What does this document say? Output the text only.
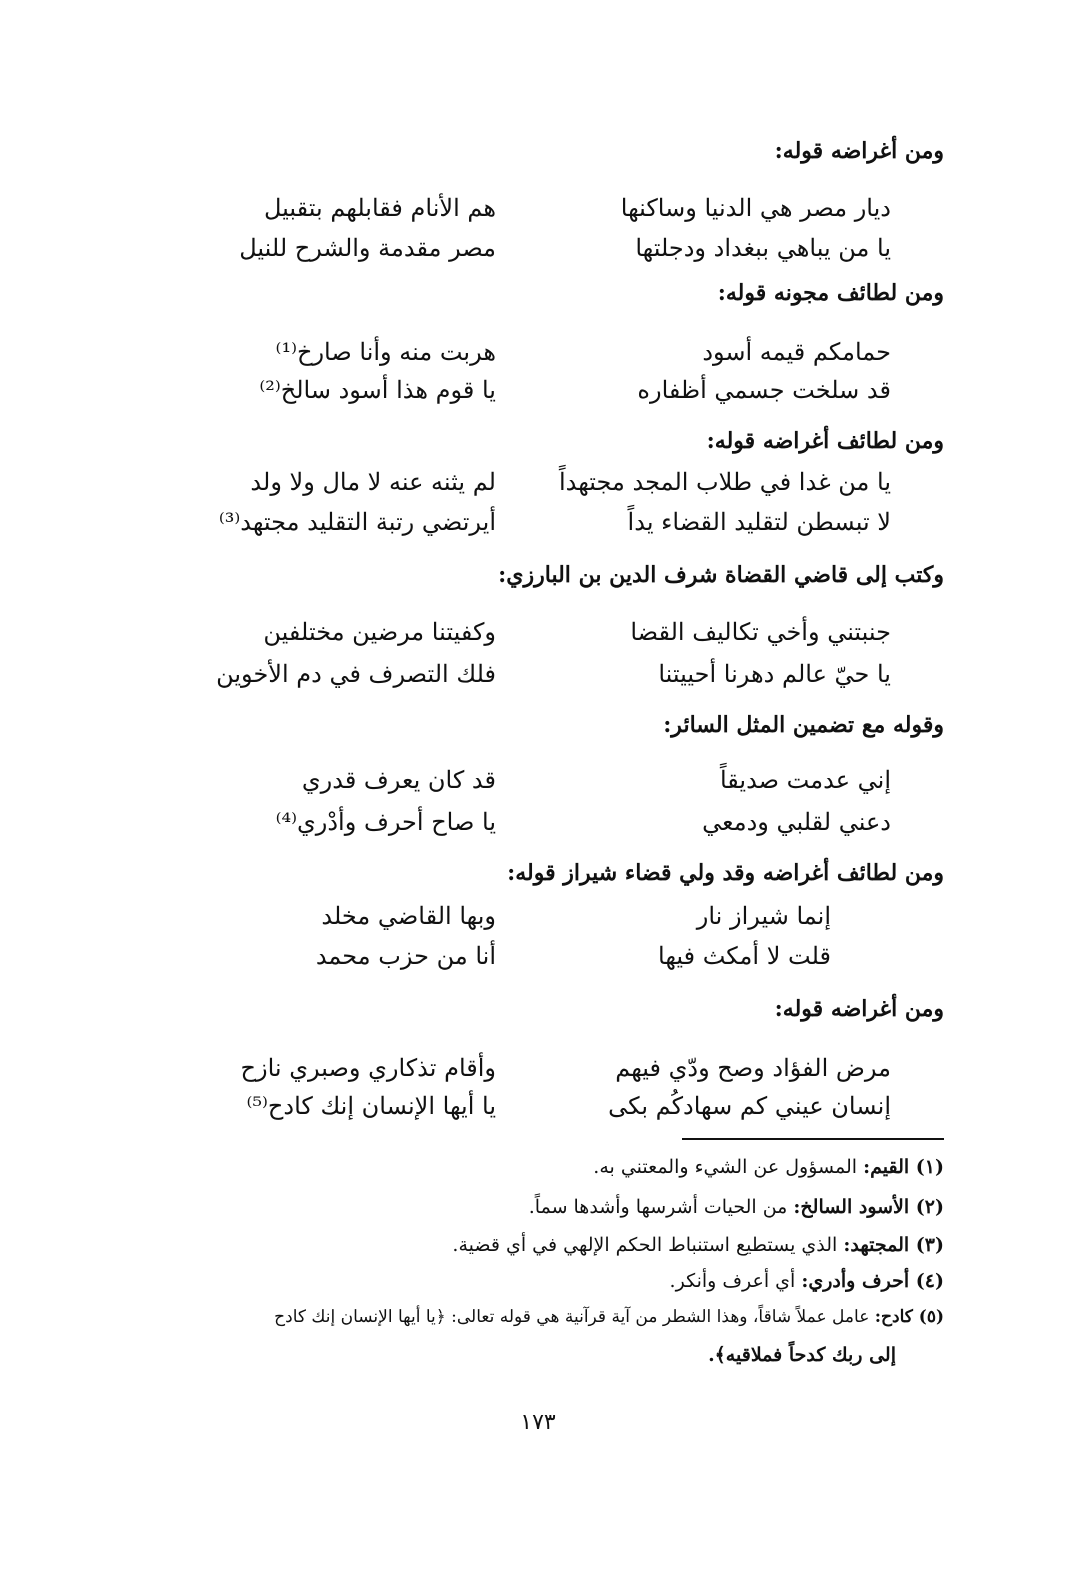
ومن أغراضه قوله:
ديار مصر هي الدنيا وساكنها
هم الأنام فقابلهم بتقبيل
يا من يباهي ببغداد ودجلتها
مصر مقدمة والشرح للنيل
ومن لطائف مجونه قوله:
حمامكم قيمه أسود
هربت منه وأنا صارخ⁽¹⁾
قد سلخت جسمي أظفاره
يا قوم هذا أسود سالخ⁽²⁾
ومن لطائف أغراضه قوله:
يا من غدا في طلاب المجد مجتهداً
لم يثنه عنه لا مال ولا ولد
لا تبسطن لتقليد القضاء يداً
أيرتضي رتبة التقليد مجتهد⁽³⁾
وكتب إلى قاضي القضاة شرف الدين بن البارزي:
جنبتني وأخي تكاليف القضا
وكفيتنا مرضين مختلفين
يا حيّ عالم دهرنا أحييتنا
فلك التصرف في دم الأخوين
وقوله مع تضمين المثل السائر:
إني عدمت صديقاً
قد كان يعرف قدري
دعني لقلبي ودمعي
يا صاح أحرف وأدْري⁽⁴⁾
ومن لطائف أغراضه وقد ولي قضاء شيراز قوله:
إنما شيراز نار
وبها القاضي مخلد
قلت لا أمكث فيها
أنا من حزب محمد
ومن أغراضه قوله:
مرض الفؤاد وصح ودّي فيهم
وأقام تذكاري وصبري نازح
إنسان عيني كم سهادكُم بكى
يا أيها الإنسان إنك كادح⁽⁵⁾
(١) القيم: المسؤول عن الشيء والمعتني به.
(٢) الأسود السالخ: من الحيات أشرسها وأشدها سماً.
(٣) المجتهد: الذي يستطيع استنباط الحكم الإلهي في أي قضية.
(٤) أحرف وأدري: أي أعرف وأنكر.
(٥) كادح: عامل عملاً شاقاً، وهذا الشطر من آية قرآنية هي قوله تعالى: ﴿يا أيها الإنسان إنك كادح
إلى ربك كدحاً فملاقيه﴾.
١٧٣
